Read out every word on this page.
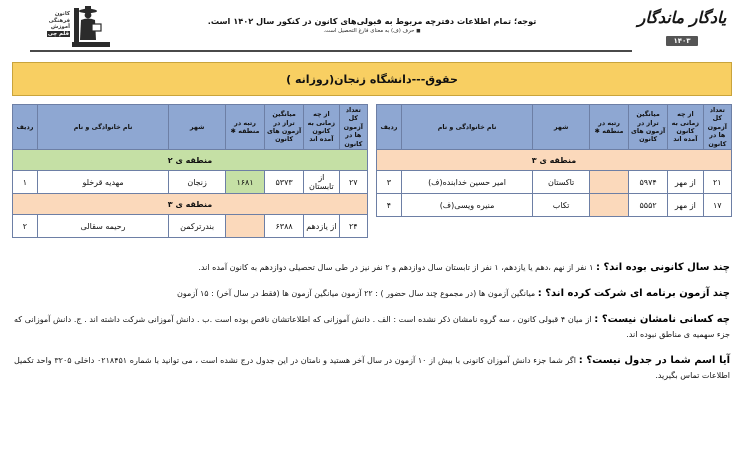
کانون
فرهنگی
آموزش
قلم چی
توجه؛ تمام اطلاعات دفترچه مربوط به قبولی‌های کانون در کنکور سال ۱۴۰۲ است.
◼ حرف (ف) به معنای فارغ التحصیل است.
یادگار ماندگار
۱۴۰۳
حقوق---دانشگاه زنجان(روزانه )
تعداد کل آزمون ها در کانون	از چه زمانی به کانون آمده اند	میانگین تراز در آزمون های کانون	رتبه در منطقه ✱	شهر	نام خانوادگی و نام	ردیف
منطقه ی ۳						
۲۱	از مهر	۵۹۷۴		تاکستان	امیر حسین خدابنده(ف)	۳
۱۷	از مهر	۵۵۵۲		تکاب	منیره ویسی(ف)	۴
تعداد کل آزمون ها در کانون	از چه زمانی به کانون آمده اند	میانگین تراز در آزمون های کانون	رتبه در منطقه ✱	شهر	نام خانوادگی و نام	ردیف
منطقه ی ۲						
۲۷	از تابستان	۵۳۷۳	۱۶۸۱	زنجان	مهدیه قرخلو	۱
منطقه ی ۳						
۲۴	از یازدهم	۶۳۸۸		بندرترکمن	رحیمه سقالی	۲

چند سال کانونی بوده اند؟ : ۱ نفر از نهم ،دهم یا یازدهم، ۱ نفر از تابستان سال دوازدهم و ۲ نفر نیز در طی سال تحصیلی دوازدهم به کانون آمده اند.

چند آزمون برنامه ای شرکت کرده اند؟ : میانگین آزمون ها (در مجموع چند سال حضور ) : ۲۲ آزمون میانگین آزمون ها (فقط در سال آخر) : ۱۵ آزمون

چه کسانی نامشان نیست؟ : از میان ۴ قبولی کانون ، سه گروه نامشان ذکر نشده است : الف . دانش آموزانی که اطلاعاتشان ناقص بوده است .ب . دانش آموزانی شرکت داشته اند . ج. دانش آموزانی که جزء سهمیه ی مناطق نبوده اند.

آیا اسم شما در جدول نیست؟ : اگر شما جزء دانش آموزان کانونی با بیش از ۱۰ آزمون در سال آخر هستید و نامتان در این جدول درج نشده است ، می توانید با شماره ۰۲۱۸۴۵۱ داخلی ۳۲۰۵ واحد تکمیل اطلاعات تماس بگیرید.
